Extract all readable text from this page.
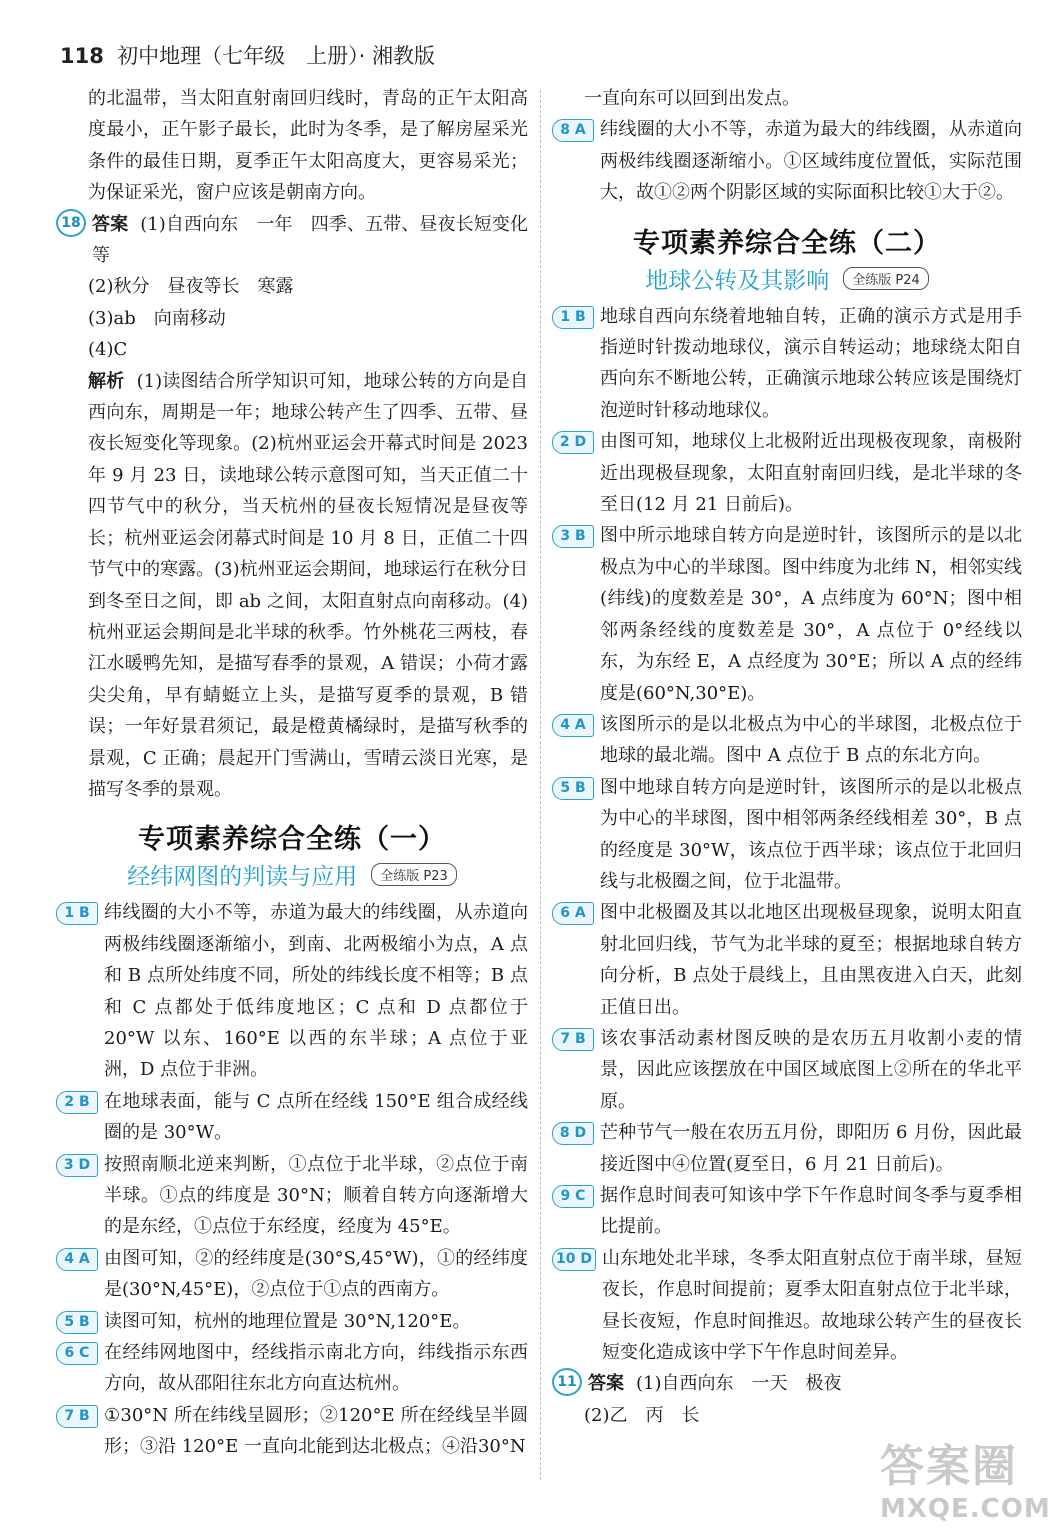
118 初中地理（七年级　上册）· 湘教版

的北温带，当太阳直射南回归线时，青岛的正午太阳高度最小，正午影子最长，此时为冬季，是了解房屋采光条件的最佳日期，夏季正午太阳高度大，更容易采光；为保证采光，窗户应该是朝南方向。

18 答案 (1)自西向东　一年　四季、五带、昼夜长短变化等

(2)秋分　昼夜等长　寒露

(3)ab　向南移动

(4)C

解析 (1)读图结合所学知识可知，地球公转的方向是自西向东，周期是一年；地球公转产生了四季、五带、昼夜长短变化等现象。(2)杭州亚运会开幕式时间是 2023 年 9 月 23 日，读地球公转示意图可知，当天正值二十四节气中的秋分，当天杭州的昼夜长短情况是昼夜等长；杭州亚运会闭幕式时间是 10 月 8 日，正值二十四节气中的寒露。(3)杭州亚运会期间，地球运行在秋分日到冬至日之间，即 ab 之间，太阳直射点向南移动。(4)杭州亚运会期间是北半球的秋季。竹外桃花三两枝，春江水暖鸭先知，是描写春季的景观，A 错误；小荷才露尖尖角，早有蜻蜓立上头，是描写夏季的景观，B 错误；一年好景君须记，最是橙黄橘绿时，是描写秋季的景观，C 正确；晨起开门雪满山，雪晴云淡日光寒，是描写冬季的景观。

专项素养综合全练（一）
经纬网图的判读与应用	全练版 P23
1 B 纬线圈的大小不等，赤道为最大的纬线圈，从赤道向两极纬线圈逐渐缩小，到南、北两极缩小为点，A 点和 B 点所处纬度不同，所处的纬线长度不相等；B 点和 C 点都处于低纬度地区；C 点和 D 点都位于 20°W 以东、160°E 以西的东半球；A 点位于亚洲，D 点位于非洲。

2 B 在地球表面，能与 C 点所在经线 150°E 组合成经线圈的是 30°W。

3 D 按照南顺北逆来判断，①点位于北半球，②点位于南半球。①点的纬度是 30°N；顺着自转方向逐渐增大的是东经，①点位于东经度，经度为 45°E。

4 A 由图可知，②的经纬度是(30°S,45°W)，①的经纬度是(30°N,45°E)，②点位于①点的西南方。

5 B 读图可知，杭州的地理位置是 30°N,120°E。

6 C 在经纬网地图中，经线指示南北方向，纬线指示东西方向，故从邵阳往东北方向直达杭州。

7 B ①30°N 所在纬线呈圆形；②120°E 所在经线呈半圆形；③沿 120°E 一直向北能到达北极点；④沿30°N

一直向东可以回到出发点。

8 A 纬线圈的大小不等，赤道为最大的纬线圈，从赤道向两极纬线圈逐渐缩小。①区域纬度位置低，实际范围大，故①②两个阴影区域的实际面积比较①大于②。

专项素养综合全练（二）
地球公转及其影响	全练版 P24
1 B 地球自西向东绕着地轴自转，正确的演示方式是用手指逆时针拨动地球仪，演示自转运动；地球绕太阳自西向东不断地公转，正确演示地球公转应该是围绕灯泡逆时针移动地球仪。

2 D 由图可知，地球仪上北极附近出现极夜现象，南极附近出现极昼现象，太阳直射南回归线，是北半球的冬至日(12 月 21 日前后)。

3 B 图中所示地球自转方向是逆时针，该图所示的是以北极点为中心的半球图。图中纬度为北纬 N，相邻实线(纬线)的度数差是 30°，A 点纬度为 60°N；图中相邻两条经线的度数差是 30°，A 点位于 0°经线以东，为东经 E，A 点经度为 30°E；所以 A 点的经纬度是(60°N,30°E)。

4 A 该图所示的是以北极点为中心的半球图，北极点位于地球的最北端。图中 A 点位于 B 点的东北方向。

5 B 图中地球自转方向是逆时针，该图所示的是以北极点为中心的半球图，图中相邻两条经线相差 30°，B 点的经度是 30°W，该点位于西半球；该点位于北回归线与北极圈之间，位于北温带。

6 A 图中北极圈及其以北地区出现极昼现象，说明太阳直射北回归线，节气为北半球的夏至；根据地球自转方向分析，B 点处于晨线上，且由黑夜进入白天，此刻正值日出。

7 B 该农事活动素材图反映的是农历五月收割小麦的情景，因此应该摆放在中国区域底图上②所在的华北平原。

8 D 芒种节气一般在农历五月份，即阳历 6 月份，因此最接近图中④位置(夏至日，6 月 21 日前后)。

9 C 据作息时间表可知该中学下午作息时间冬季与夏季相比提前。

10 D 山东地处北半球，冬季太阳直射点位于南半球，昼短夜长，作息时间提前；夏季太阳直射点位于北半球，昼长夜短，作息时间推迟。故地球公转产生的昼夜长短变化造成该中学下午作息时间差异。

11 答案 (1)自西向东　一天　极夜

(2)乙　丙　长

答案圈
MXQE.COM
